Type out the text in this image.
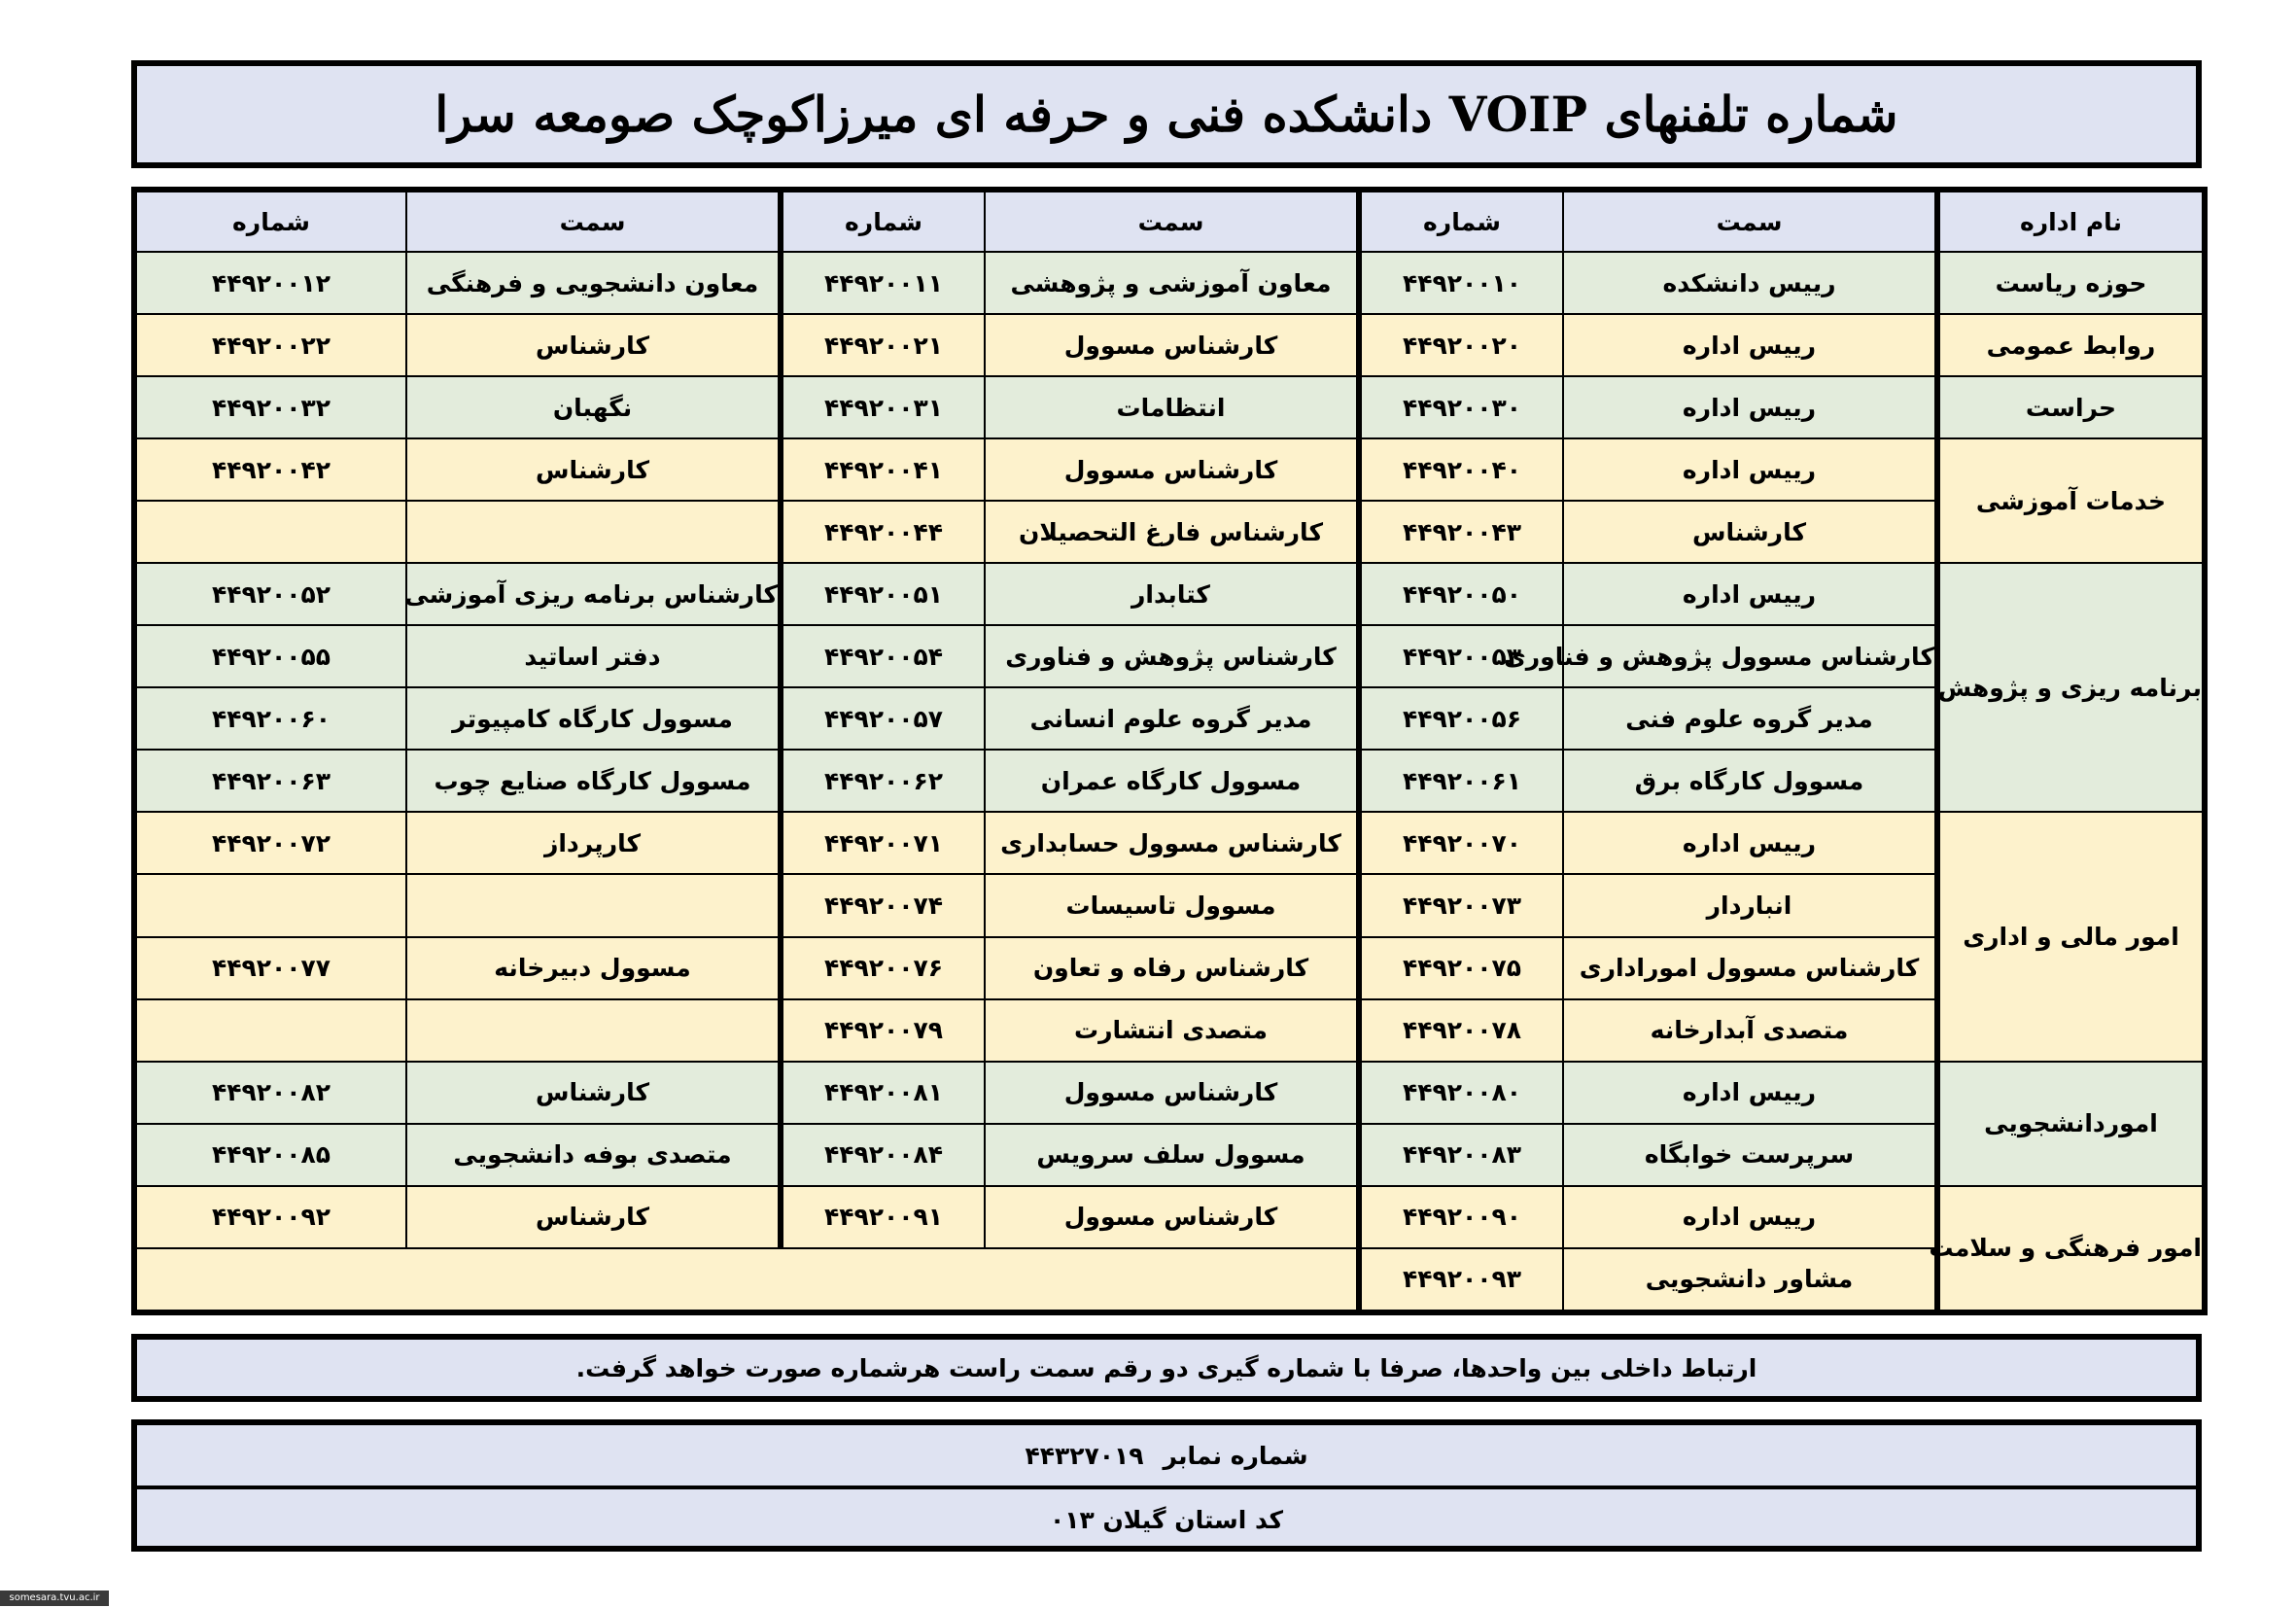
شماره تلفنهای VOIP دانشکده فنی و حرفه ای میرزاکوچک صومعه سرا
نام اداره	سمت	شماره	سمت	شماره	سمت	شماره
حوزه ریاست	رییس دانشکده	۴۴۹۲۰۰۱۰	معاون آموزشی و پژوهشی	۴۴۹۲۰۰۱۱	معاون دانشجویی و فرهنگی	۴۴۹۲۰۰۱۲
روابط عمومی	رییس اداره	۴۴۹۲۰۰۲۰	کارشناس مسوول	۴۴۹۲۰۰۲۱	کارشناس	۴۴۹۲۰۰۲۲
حراست	رییس اداره	۴۴۹۲۰۰۳۰	انتظامات	۴۴۹۲۰۰۳۱	نگهبان	۴۴۹۲۰۰۳۲
خدمات آموزشی	رییس اداره	۴۴۹۲۰۰۴۰	کارشناس مسوول	۴۴۹۲۰۰۴۱	کارشناس	۴۴۹۲۰۰۴۲
	کارشناس	۴۴۹۲۰۰۴۳	کارشناس فارغ التحصیلان	۴۴۹۲۰۰۴۴		
برنامه ریزی و پژوهش	رییس اداره	۴۴۹۲۰۰۵۰	کتابدار	۴۴۹۲۰۰۵۱	کارشناس برنامه ریزی آموزشی	۴۴۹۲۰۰۵۲
	کارشناس مسوول پژوهش و فناوری	۴۴۹۲۰۰۵۳	کارشناس پژوهش و فناوری	۴۴۹۲۰۰۵۴	دفتر اساتید	۴۴۹۲۰۰۵۵
	مدیر گروه علوم فنی	۴۴۹۲۰۰۵۶	مدیر گروه علوم انسانی	۴۴۹۲۰۰۵۷	مسوول کارگاه کامپیوتر	۴۴۹۲۰۰۶۰
	مسوول کارگاه برق	۴۴۹۲۰۰۶۱	مسوول کارگاه عمران	۴۴۹۲۰۰۶۲	مسوول کارگاه صنایع چوب	۴۴۹۲۰۰۶۳
امور مالی و اداری	رییس اداره	۴۴۹۲۰۰۷۰	کارشناس مسوول حسابداری	۴۴۹۲۰۰۷۱	کارپرداز	۴۴۹۲۰۰۷۲
	انباردار	۴۴۹۲۰۰۷۳	مسوول تاسیسات	۴۴۹۲۰۰۷۴		
	کارشناس مسوول اموراداری	۴۴۹۲۰۰۷۵	کارشناس رفاه و تعاون	۴۴۹۲۰۰۷۶	مسوول دبیرخانه	۴۴۹۲۰۰۷۷
	متصدی آبدارخانه	۴۴۹۲۰۰۷۸	متصدی انتشارت	۴۴۹۲۰۰۷۹		
اموردانشجویی	رییس اداره	۴۴۹۲۰۰۸۰	کارشناس مسوول	۴۴۹۲۰۰۸۱	کارشناس	۴۴۹۲۰۰۸۲
	سرپرست خوابگاه	۴۴۹۲۰۰۸۳	مسوول سلف سرویس	۴۴۹۲۰۰۸۴	متصدی بوفه دانشجویی	۴۴۹۲۰۰۸۵
امور فرهنگی و سلامت	رییس اداره	۴۴۹۲۰۰۹۰	کارشناس مسوول	۴۴۹۲۰۰۹۱	کارشناس	۴۴۹۲۰۰۹۲
	مشاور دانشجویی	۴۴۹۲۰۰۹۳				
ارتباط داخلی بین واحدها، صرفا با شماره گیری دو رقم سمت راست هرشماره صورت خواهد گرفت.
شماره نمابر
۴۴۳۲۷۰۱۹
کد استان گیلان ۰۱۳
somesara.tvu.ac.ir
